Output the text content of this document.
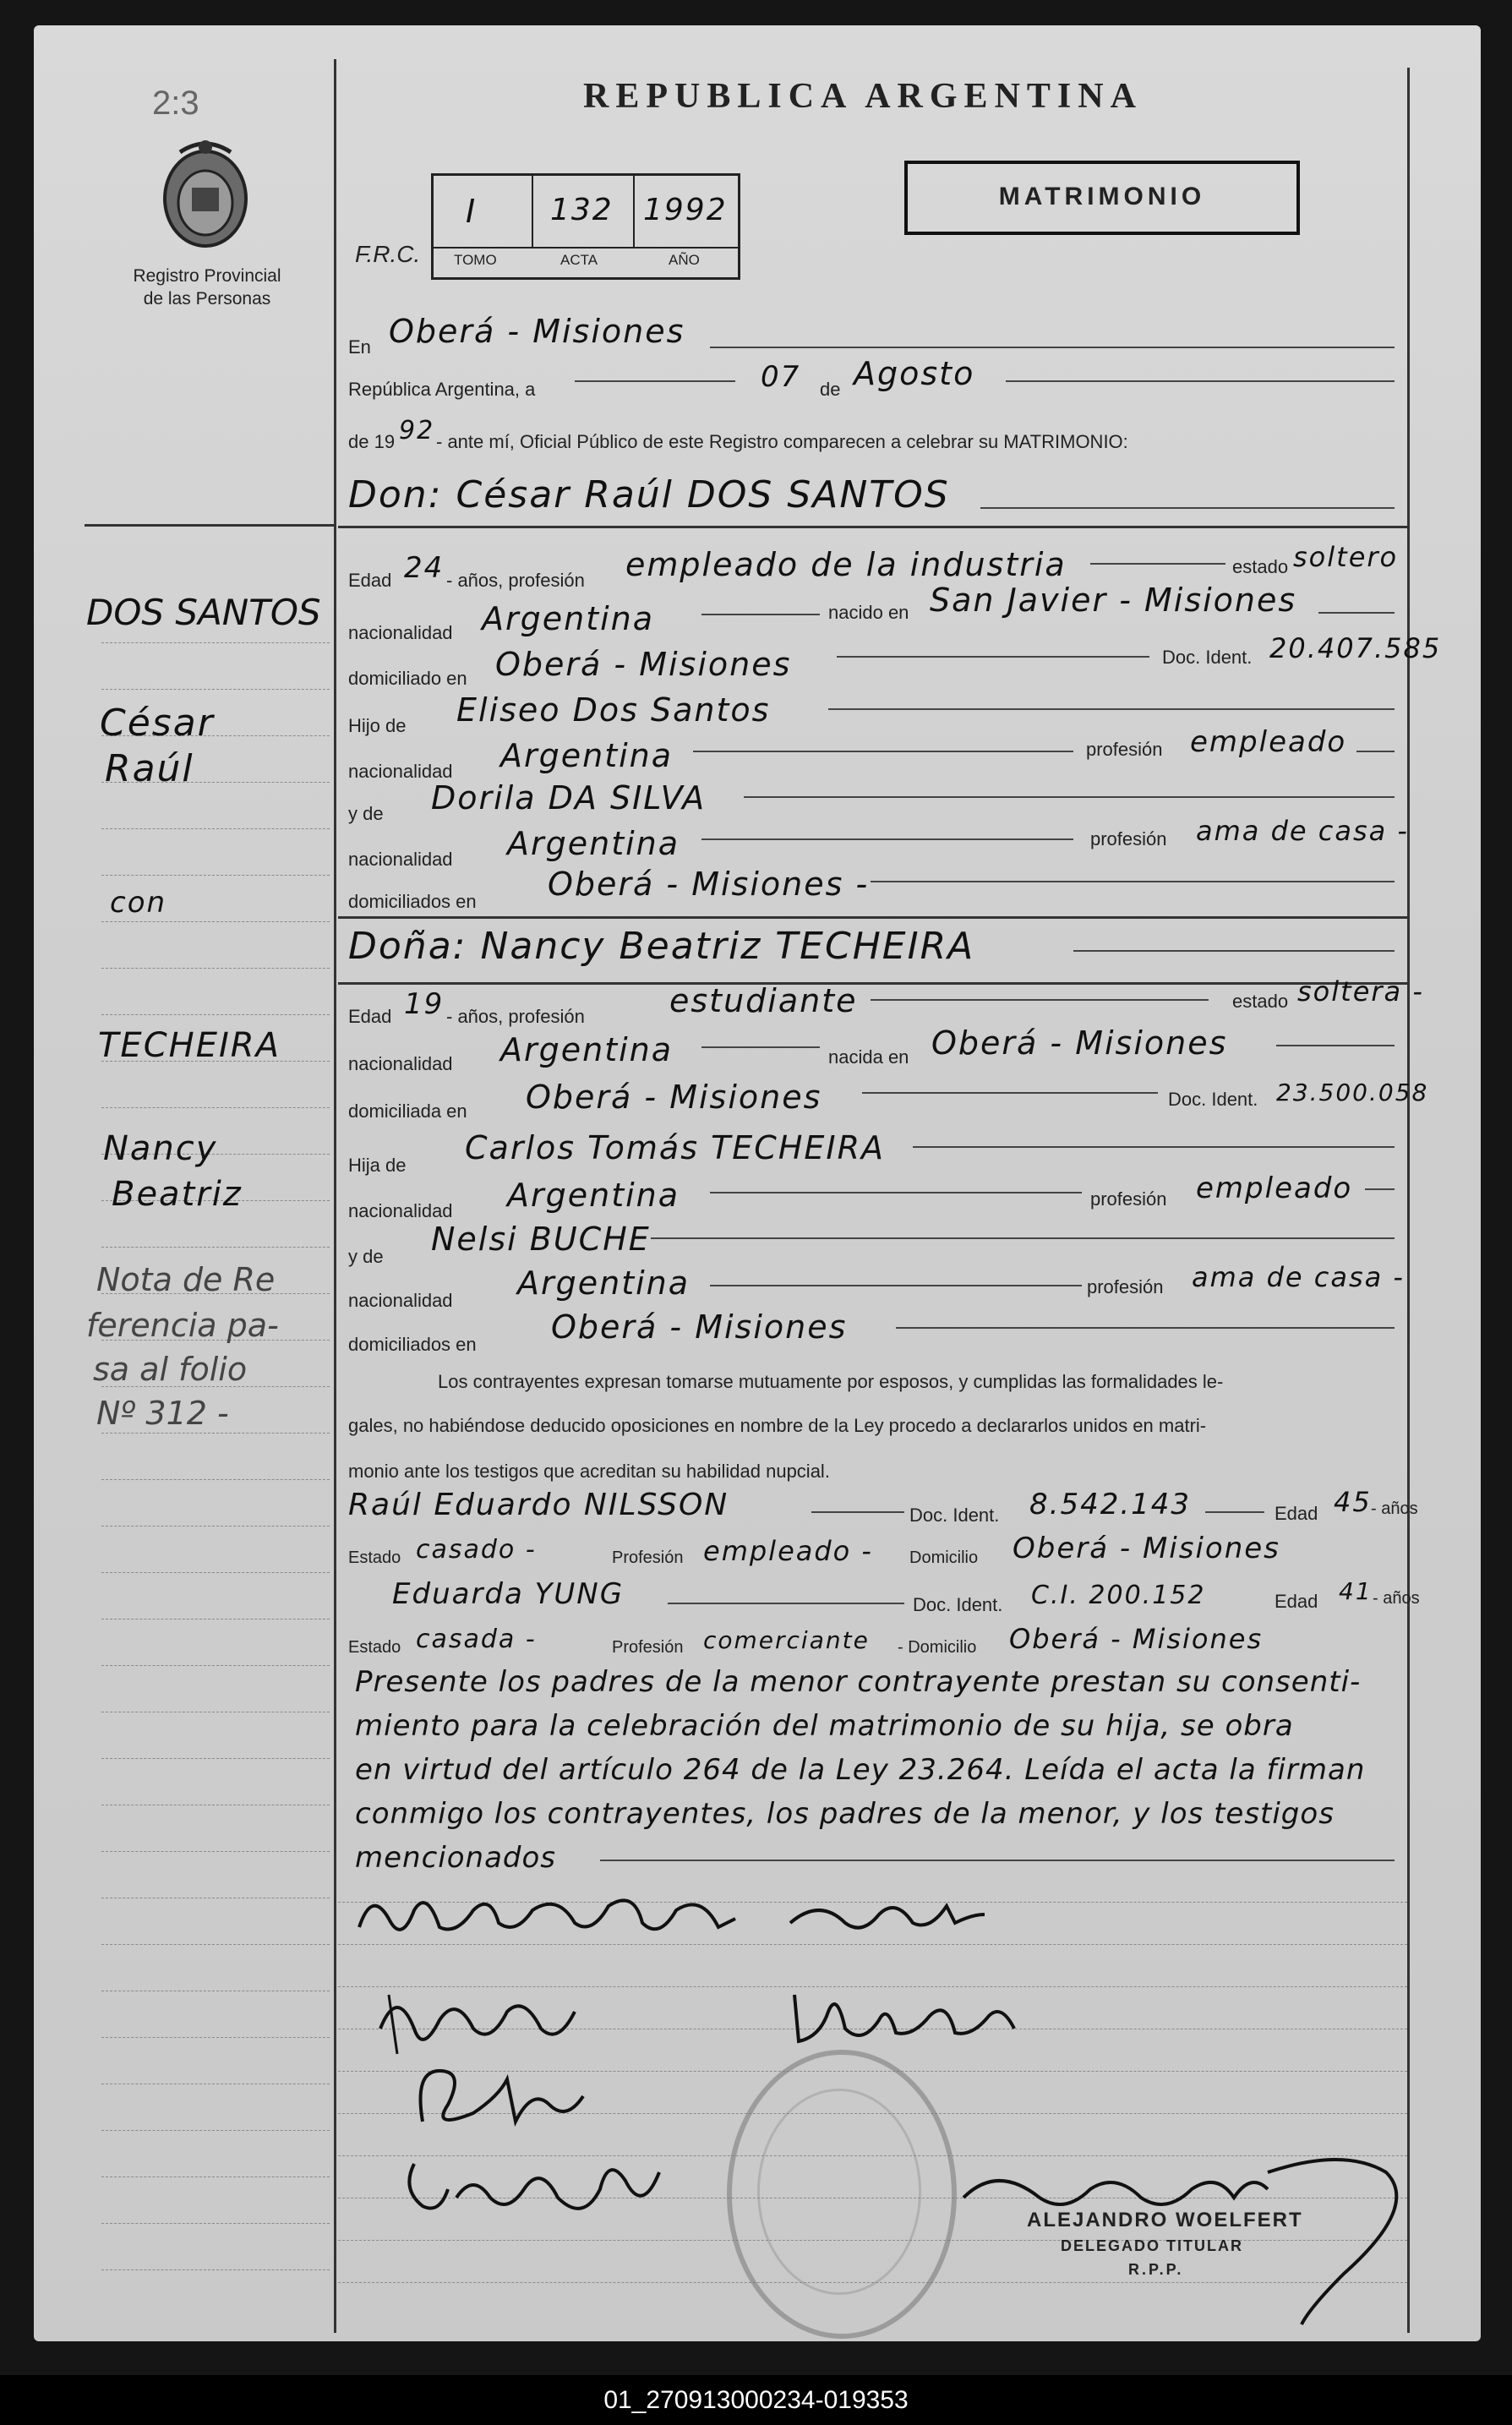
2:3
Registro Provincial
de las Personas
REPUBLICA ARGENTINA
F.R.C.
I 132 1992
TOMO	ACTA	AÑO
MATRIMONIO
En Oberá - Misiones
República Argentina, a	07 de Agosto
de 19 92 - ante mí, Oficial Público de este Registro comparecen a celebrar su MATRIMONIO:
Don: César Raúl DOS SANTOS
Edad 24 - años, profesión empleado de la industria	estado soltero
nacionalidad Argentina	nacido en San Javier - Misiones
domiciliado en Oberá - Misiones	Doc. Ident. 20.407.585
Hijo de Eliseo Dos Santos
nacionalidad Argentina	profesión empleado
y de Dorila DA SILVA
nacionalidad Argentina	profesión ama de casa -
domiciliados en Oberá - Misiones -
Doña: Nancy Beatriz TECHEIRA
Edad 19 - años, profesión	estudiante	estado soltera -
nacionalidad Argentina	nacida en Oberá - Misiones
domiciliada en Oberá - Misiones	Doc. Ident. 23.500.058
Hija de Carlos Tomás TECHEIRA
nacionalidad Argentina	profesión empleado
y de Nelsi BUCHE
nacionalidad Argentina	profesión ama de casa -
domiciliados en Oberá - Misiones
Los contrayentes expresan tomarse mutuamente por esposos, y cumplidas las formalidades le-
gales, no habiéndose deducido oposiciones en nombre de la Ley procedo a declararlos unidos en matri-
monio ante los testigos que acreditan su habilidad nupcial.
Raúl Eduardo NILSSON	Doc. Ident. 8.542.143	Edad 45 - años
Estado casado -	Profesión empleado - Domicilio Oberá - Misiones
Eduarda YUNG	Doc. Ident. C.I. 200.152	Edad 41 - años
Estado casada -	Profesión comerciante - Domicilio Oberá - Misiones
Presente los padres de la menor contrayente prestan su consenti-
miento para la celebración del matrimonio de su hija, se obra
en virtud del artículo 264 de la Ley 23.264. Leída el acta la firman
conmigo los contrayentes, los padres de la menor, y los testigos
mencionados
ALEJANDRO WOELFERT
DELEGADO TITULAR
R.P.P.
DOS SANTOS
César
Raúl
con
TECHEIRA
Nancy
Beatriz
Nota de Re
ferencia pa-
sa al folio
Nº 312 -
01_270913000234-019353
